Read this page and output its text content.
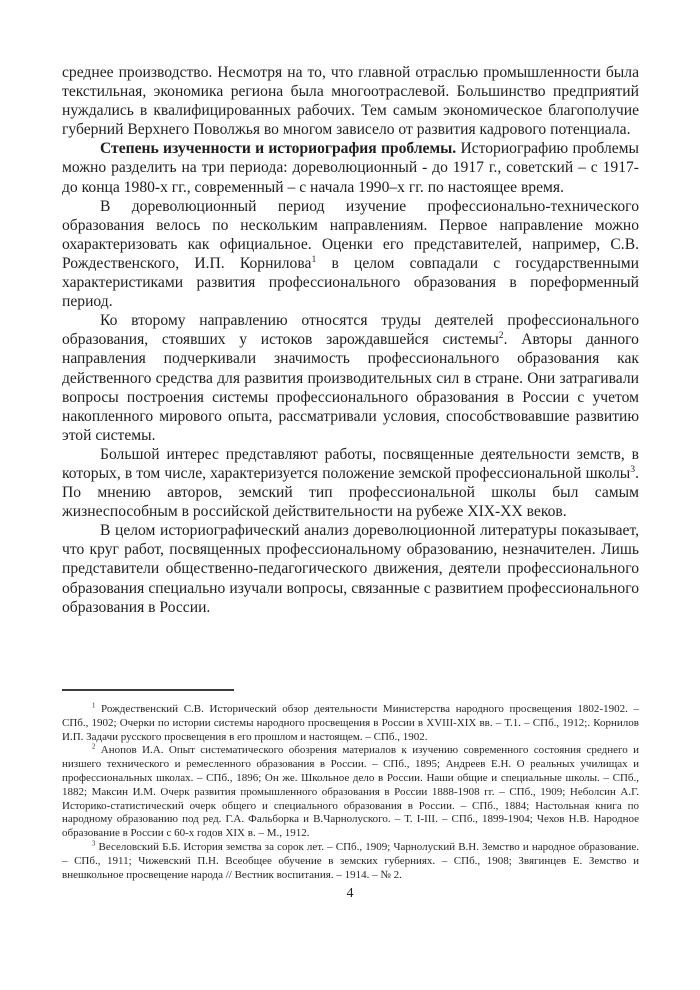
среднее производство. Несмотря на то, что главной отраслью промышленности была текстильная, экономика региона была многоотраслевой. Большинство предприятий нуждались в квалифицированных рабочих. Тем самым экономическое благополучие губерний Верхнего Поволжья во многом зависело от развития кадрового потенциала.

Степень изученности и историография проблемы. Историографию проблемы можно разделить на три периода: дореволюционный - до 1917 г., советский – с 1917- до конца 1980-х гг., современный – с начала 1990–х гг. по настоящее время.

В дореволюционный период изучение профессионально-технического образования велось по нескольким направлениям. Первое направление можно охарактеризовать как официальное. Оценки его представителей, например, С.В. Рождественского, И.П. Корнилова$^1$ в целом совпадали с государственными характеристиками развития профессионального образования в пореформенный период.

Ко второму направлению относятся труды деятелей профессионального образования, стоявших у истоков зарождавшейся системы$^2$. Авторы данного направления подчеркивали значимость профессионального образования как действенного средства для развития производительных сил в стране. Они затрагивали вопросы построения системы профессионального образования в России с учетом накопленного мирового опыта, рассматривали условия, способствовавшие развитию этой системы.

Большой интерес представляют работы, посвященные деятельности земств, в которых, в том числе, характеризуется положение земской профессиональной школы$^3$. По мнению авторов, земский тип профессиональной школы был самым жизнеспособным в российской действительности на рубеже XIX-XX веков.

В целом историографический анализ дореволюционной литературы показывает, что круг работ, посвященных профессиональному образованию, незначителен. Лишь представители общественно-педагогического движения, деятели профессионального образования специально изучали вопросы, связанные с развитием профессионального образования в России.

$^1$ Рождественский С.В. Исторический обзор деятельности Министерства народного просвещения 1802-1902. – СПб., 1902; Очерки по истории системы народного просвещения в России в XVIII-XIX вв. – Т.1. – СПб., 1912;. Корнилов И.П. Задачи русского просвещения в его прошлом и настоящем. – СПб., 1902.

$^2$ Анопов И.А. Опыт систематического обозрения материалов к изучению современного состояния среднего и низшего технического и ремесленного образования в России. – СПб., 1895; Андреев Е.Н. О реальных училищах и профессиональных школах. – СПб., 1896; Он же. Школьное дело в России. Наши общие и специальные школы. – СПб., 1882; Максин И.М. Очерк развития промышленного образования в России 1888-1908 гг. – СПб., 1909; Неболсин А.Г. Историко-статистический очерк общего и специального образования в России. – СПб., 1884; Настольная книга по народному образованию под ред. Г.А. Фальборка и В.Чарнолуского. – Т. I-III. – СПб., 1899-1904; Чехов Н.В. Народное образование в России с 60-х годов XIX в. – М., 1912.

$^3$ Веселовский Б.Б. История земства за сорок лет. – СПб., 1909; Чарнолуский В.Н. Земство и народное образование. – СПб., 1911; Чижевский П.Н. Всеобщее обучение в земских губерниях. – СПб., 1908; Звягинцев Е. Земство и внешкольное просвещение народа // Вестник воспитания. – 1914. – № 2.

4
